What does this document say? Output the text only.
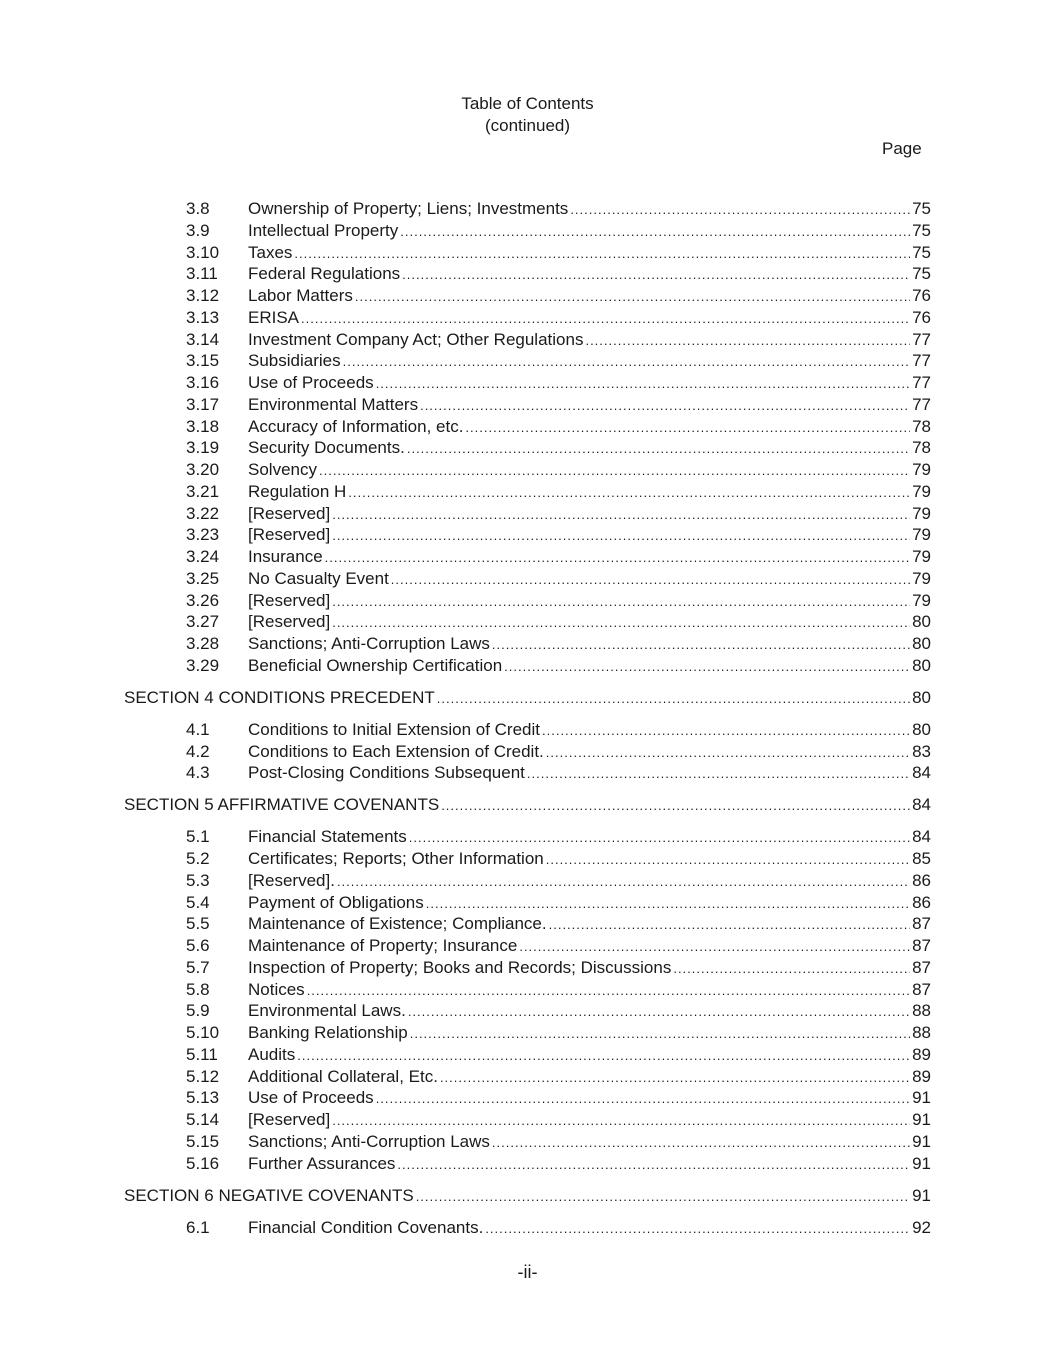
Table of Contents
(continued)
Page
3.8	Ownership of Property; Liens; Investments .....	75
3.9	Intellectual Property .....	75
3.10	Taxes .....	75
3.11	Federal Regulations .....	75
3.12	Labor Matters .....	76
3.13	ERISA .....	76
3.14	Investment Company Act; Other Regulations .....	77
3.15	Subsidiaries .....	77
3.16	Use of Proceeds .....	77
3.17	Environmental Matters .....	77
3.18	Accuracy of Information, etc. .....	78
3.19	Security Documents. .....	78
3.20	Solvency .....	79
3.21	Regulation H .....	79
3.22	[Reserved] .....	79
3.23	[Reserved] .....	79
3.24	Insurance .....	79
3.25	No Casualty Event .....	79
3.26	[Reserved] .....	79
3.27	[Reserved] .....	80
3.28	Sanctions; Anti-Corruption Laws .....	80
3.29	Beneficial Ownership Certification .....	80
SECTION 4 CONDITIONS PRECEDENT .....	80
4.1	Conditions to Initial Extension of Credit .....	80
4.2	Conditions to Each Extension of Credit. .....	83
4.3	Post-Closing Conditions Subsequent .....	84
SECTION 5 AFFIRMATIVE COVENANTS .....	84
5.1	Financial Statements .....	84
5.2	Certificates; Reports; Other Information .....	85
5.3	[Reserved]. .....	86
5.4	Payment of Obligations .....	86
5.5	Maintenance of Existence; Compliance. .....	87
5.6	Maintenance of Property; Insurance .....	87
5.7	Inspection of Property; Books and Records; Discussions .....	87
5.8	Notices .....	87
5.9	Environmental Laws. .....	88
5.10	Banking Relationship .....	88
5.11	Audits .....	89
5.12	Additional Collateral, Etc. .....	89
5.13	Use of Proceeds .....	91
5.14	[Reserved] .....	91
5.15	Sanctions; Anti-Corruption Laws .....	91
5.16	Further Assurances .....	91
SECTION 6 NEGATIVE COVENANTS .....	91
6.1	Financial Condition Covenants. .....	92
-ii-
